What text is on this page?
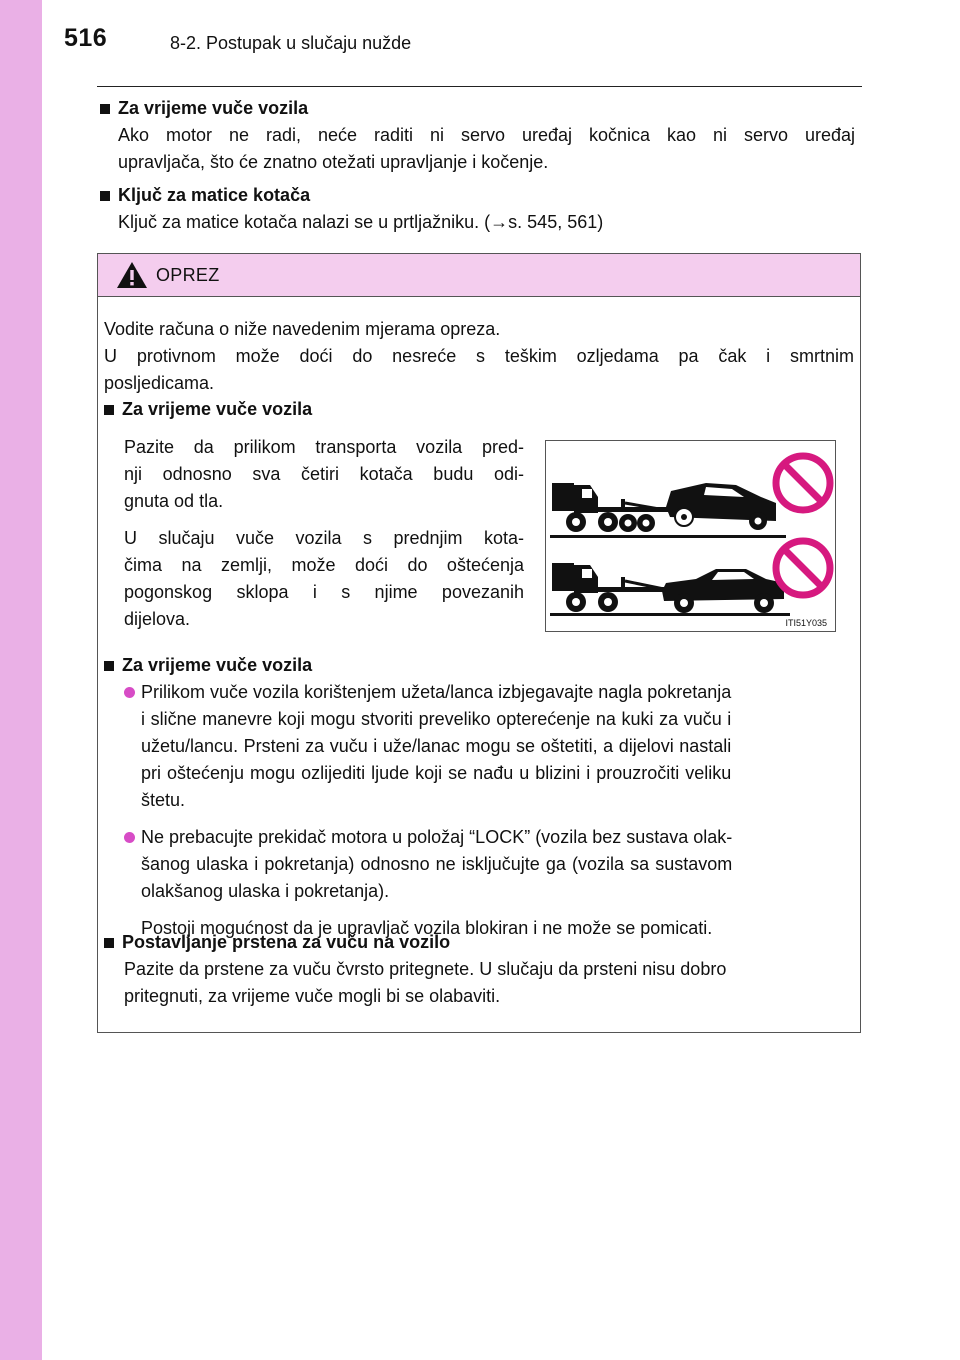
516	8-2. Postupak u slučaju nužde
Za vrijeme vuče vozila
Ako motor ne radi, neće raditi ni servo uređaj kočnica kao ni servo uređaj
upravljača, što će znatno otežati upravljanje i kočenje.
Ključ za matice kotača
Ključ za matice kotača nalazi se u prtljažniku. (→s. 545, 561)
OPREZ
Vodite računa o niže navedenim mjerama opreza.
U protivnom može doći do nesreće s teškim ozljedama pa čak i smrtnim
posljedicama.
Za vrijeme vuče vozila
Pazite da prilikom transporta vozila pred-
nji odnosno sva četiri kotača budu odi-
gnuta od tla.
U slučaju vuče vozila s prednjim kota-
čima na zemlji, može doći do oštećenja
pogonskog sklopa i s njime povezanih
dijelova.	ITI51Y035
Za vrijeme vuče vozila
Prilikom vuče vozila korištenjem užeta/lanca izbjegavajte nagla pokretanja
i slične manevre koji mogu stvoriti preveliko opterećenje na kuki za vuču i
užetu/lancu. Prsteni za vuču i uže/lanac mogu se oštetiti, a dijelovi nastali
pri oštećenju mogu ozlijediti ljude koji se nađu u blizini i prouzročiti veliku
štetu.
Ne prebacujte prekidač motora u položaj “LOCK” (vozila bez sustava olak-
šanog ulaska i pokretanja) odnosno ne isključujte ga (vozila sa sustavom
olakšanog ulaska i pokretanja).
Postoji mogućnost da je upravljač vozila blokiran i ne može se pomicati.
Postavljanje prstena za vuču na vozilo
Pazite da prstene za vuču čvrsto pritegnete. U slučaju da prsteni nisu dobro
pritegnuti, za vrijeme vuče mogli bi se olabaviti.
